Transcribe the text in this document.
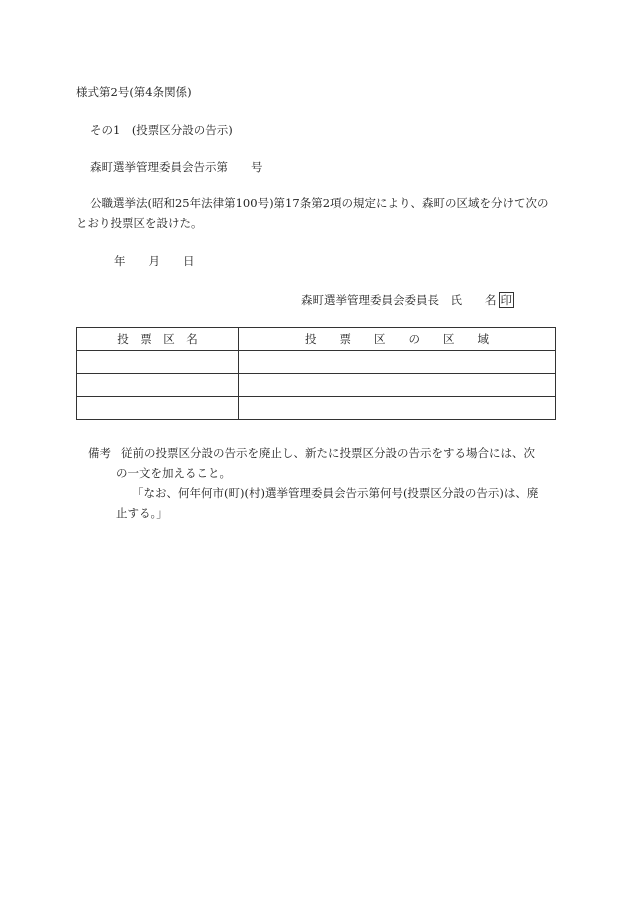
様式第2号(第4条関係)
その1　(投票区分設の告示)
森町選挙管理委員会告示第　　号
公職選挙法(昭和25年法律第100号)第17条第2項の規定により、森町の区域を分けて次のとおり投票区を設けた。
年　　月　　日
森町選挙管理委員会委員長　氏　　名 印
投　票　区　名	投　　票　　区　　の　　区　　域

備考 従前の投票区分設の告示を廃止し、新たに投票区分設の告示をする場合には、次
の一文を加えること。
「なお、何年何市(町)(村)選挙管理委員会告示第何号(投票区分設の告示)は、廃
止する。」
